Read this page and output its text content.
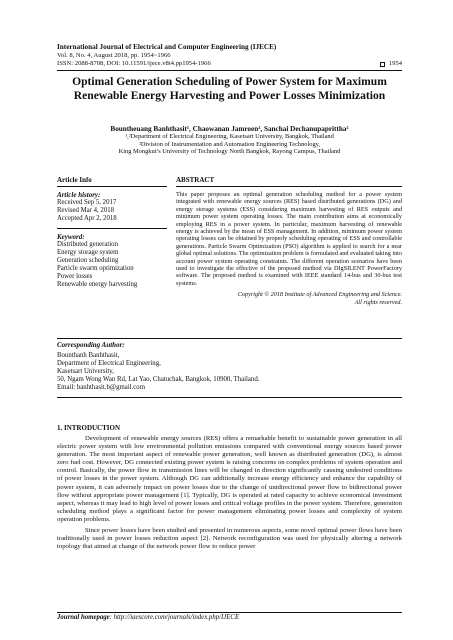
International Journal of Electrical and Computer Engineering (IJECE)
Vol. 8, No. 4, August 2018, pp. 1954~1966
ISSN: 2088-8708, DOI: 10.11591/ijece.v8i4.pp1954-1966	1954
Optimal Generation Scheduling of Power System for Maximum Renewable Energy Harvesting and Power Losses Minimization
Bountheuang Banhthasit¹, Chaowanan Jamroen², Sanchai Dechanupaprittha²
¹,²Department of Electrical Engineering, Kasetsart University, Bangkok, Thailand
²Division of Instrumentation and Automation Engineering Technology,
King Mongkut’s University of Technology North Bangkok, Rayong Campus, Thailand
Article Info
Article history:
Received Sep 5, 2017
Revised Mar 4, 2018
Accepted Apr 2, 2018
Keyword:
Distributed generation
Energy storage system
Generation scheduling
Particle swarm optimization
Power losses
Renewable energy harvesting
ABSTRACT
This paper proposes an optimal generation scheduling method for a power system integrated with renewable energy sources (RES) based distributed generations (DG) and energy storage systems (ESS) considering maximum harvesting of RES outputs and minimum power system operating losses. The main contribution aims at economically employing RES in a power system. In particular, maximum harvesting of renewable energy is achieved by the mean of ESS management. In addition, minimum power system operating losses can be obtained by properly scheduling operating of ESS and controllable generations. Particle Swarm Optimization (PSO) algorithm is applied to search for a near global optimal solutions. The optimization problem is formulated and evaluated taking into account power system operating constraints. The different operation scenarios have been used to investigate the effective of the proposed method via DIgSILENT PowerFactory software. The proposed method is examined with IEEE standard 14-bus and 30-bus test systems.
Copyright © 2018 Institute of Advanced Engineering and Science.
All rights reserved.
Corresponding Author:
Bounthanh Banhthasit,
Department of Electrical Engineering,
Kasetsart University,
50, Ngam Wong Wan Rd, Lat Yao, Chatuchak, Bangkok, 10900, Thailand.
Email: banhthasit.b@gmail.com
1. INTRODUCTION

Development of renewable energy sources (RES) offers a remarkable benefit to sustainable power generation in all electric power system with low environmental pollution emissions compared with conventional energy sources based power generation. The most important aspect of renewable power generation, well known as distributed generation (DG), is almost zero fuel cost. However, DG connected existing power system is raising concerns on complex problems of system operation and control. Basically, the power flow in transmission lines will be changed in direction significantly causing undesired conditions of power losses in the power system. Although DG can additionally increase energy efficiency and enhance the capability of power system, it can adversely impact on power losses due to the change of unidirectional power flow to bidirectional power flow without appropriate power management [1]. Typically, DG is operated at rated capacity to achieve economical investment aspect, whereas it may lead to high level of power losses and critical voltage profiles in the power system. Therefore, generation scheduling method plays a significant factor for power management eliminating power losses and complexity of system operation problems.

Since power losses have been studied and presented in numerous aspects, some novel optimal power flows have been traditionally used in power losses reduction aspect [2]. Network reconfiguration was used for physically altering a network topology that aimed at change of the network power flow to reduce power

Journal homepage: http://iaescore.com/journals/index.php/IJECE
